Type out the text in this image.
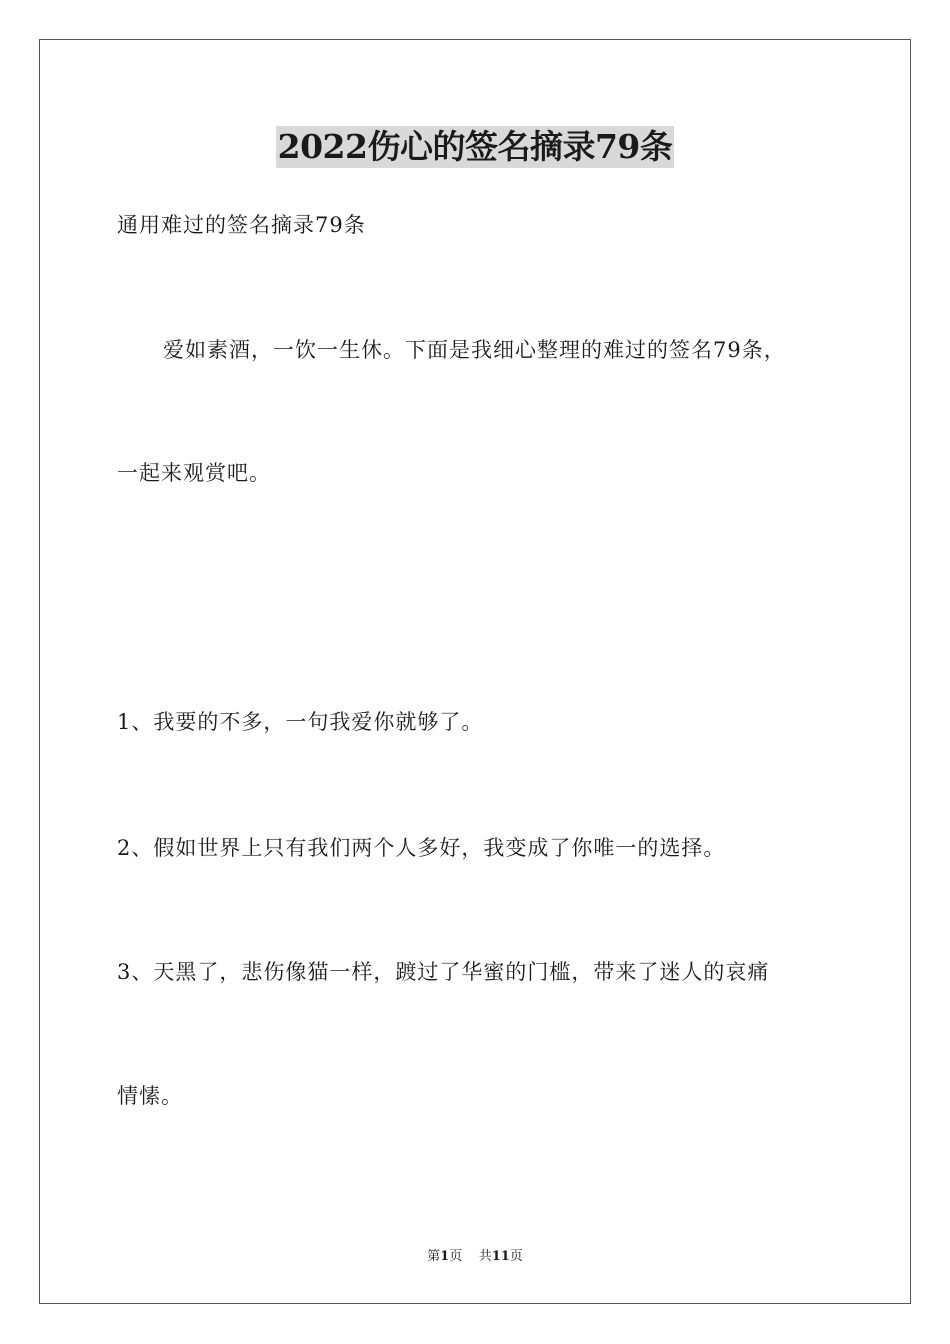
2022伤心的签名摘录79条
通用难过的签名摘录79条
爱如素酒，一饮一生休。下面是我细心整理的难过的签名79条，
一起来观赏吧。
1、我要的不多，一句我爱你就够了。
2、假如世界上只有我们两个人多好，我变成了你唯一的选择。
3、天黑了，悲伤像猫一样，踱过了华蜜的门槛，带来了迷人的哀痛
情愫。
第1页 共11页
